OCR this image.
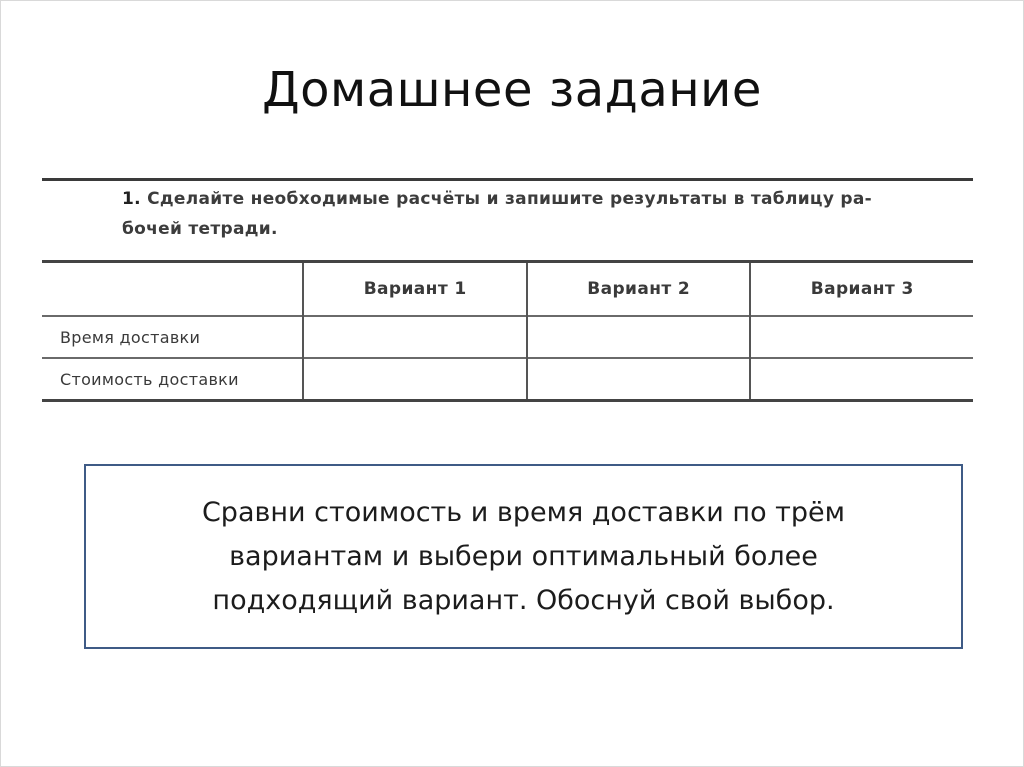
Домашнее задание
1. Сделайте необходимые расчёты и запишите результаты в таблицу ра-
бочей тетради.
	Вариант 1	Вариант 2	Вариант 3
Время доставки			
Стоимость доставки			
Сравни стоимость и время доставки по трём
вариантам и выбери оптимальный более
подходящий вариант. Обоснуй свой выбор.
